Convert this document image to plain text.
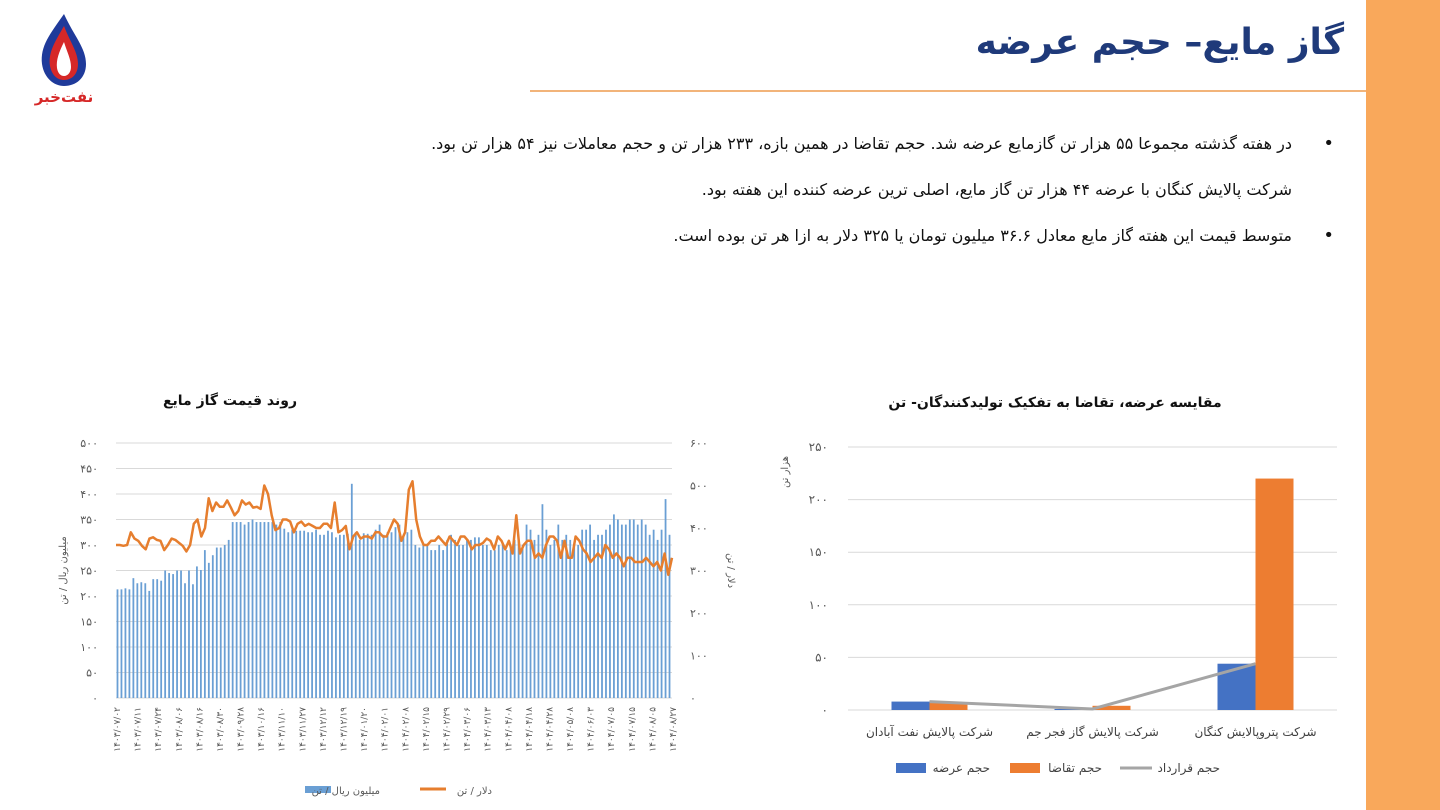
نفت‌خبر
گاز مایع– حجم عرضه
•
در هفته گذشته مجموعا ۵۵ هزار تن گازمایع عرضه شد. حجم تقاضا در همین بازه، ۲۳۳ هزار تن و حجم معاملات نیز ۵۴ هزار تن بود.
شرکت پالایش کنگان با عرضه ۴۴ هزار تن گاز مایع، اصلی ترین عرضه کننده این هفته بود.
•
متوسط قیمت این هفته گاز مایع معادل ۳۶.۶ میلیون تومان یا ۳۲۵ دلار به ازا هر تن بوده است.
روند قیمت گاز مایع
۰
۵۰
۱۰۰
۱۵۰
۲۰۰
۲۵۰
۳۰۰
۳۵۰
۴۰۰
۴۵۰
۵۰۰
۰
۱۰۰
۲۰۰
۳۰۰
۴۰۰
۵۰۰
۶۰۰
میلیون ریال / تن	دلار / تن
۱۴۰۳/۰۷/۰۲ ۱۴۰۳/۰۷/۱۱ ۱۴۰۳/۰۷/۲۴ ۱۴۰۳/۰۸/۰۶ ۱۴۰۳/۰۸/۱۶ ۱۴۰۳/۰۸/۳۰ ۱۴۰۳/۰۹/۲۸ ۱۴۰۳/۱۰/۱۶ ۱۴۰۳/۱۱/۱۰ ۱۴۰۳/۱۱/۲۷ ۱۴۰۳/۱۲/۱۲ ۱۴۰۳/۱۲/۱۹ ۱۴۰۴/۰۱/۲۰ ۱۴۰۴/۰۲/۰۱ ۱۴۰۴/۰۲/۰۸ ۱۴۰۴/۰۲/۱۵ ۱۴۰۴/۰۲/۲۹ ۱۴۰۴/۰۳/۰۶ ۱۴۰۴/۰۳/۱۳ ۱۴۰۴/۰۴/۰۸ ۱۴۰۴/۰۴/۱۸ ۱۴۰۴/۰۴/۲۸ ۱۴۰۴/۰۵/۰۸ ۱۴۰۴/۰۶/۰۳ ۱۴۰۴/۰۷/۰۵ ۱۴۰۴/۰۷/۱۵ ۱۴۰۴/۰۸/۰۵ ۱۴۰۴/۰۸/۲۷
میلیون ریال / تن	دلار / تن
مقایسه عرضه، تقاضا به تفکیک تولیدکنندگان- تن
۰
۵۰
۱۰۰
۱۵۰
۲۰۰
۲۵۰
هزار تن
شرکت پالایش نفت آبادان	شرکت پالایش گاز فجر جم	شرکت پتروپالایش کنگان
حجم عرضه	حجم تقاضا	حجم قرارداد
